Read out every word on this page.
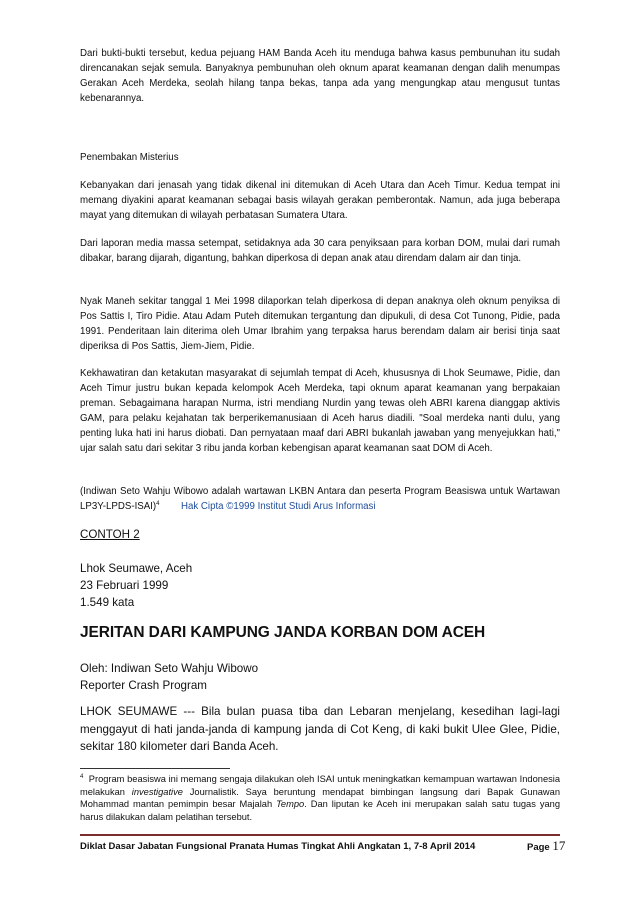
Dari bukti-bukti tersebut, kedua pejuang HAM Banda Aceh itu menduga bahwa kasus pembunuhan itu sudah direncanakan sejak semula. Banyaknya pembunuhan oleh oknum aparat keamanan dengan dalih menumpas Gerakan Aceh Merdeka, seolah hilang tanpa bekas, tanpa ada yang mengungkap atau mengusut tuntas kebenarannya.

Penembakan Misterius

Kebanyakan dari jenasah yang tidak dikenal ini ditemukan di Aceh Utara dan Aceh Timur. Kedua tempat ini memang diyakini aparat keamanan sebagai basis wilayah gerakan pemberontak. Namun, ada juga beberapa mayat yang ditemukan di wilayah perbatasan Sumatera Utara.

Dari laporan media massa setempat, setidaknya ada 30 cara penyiksaan para korban DOM, mulai dari rumah dibakar, barang dijarah, digantung, bahkan diperkosa di depan anak atau direndam dalam air dan tinja.

Nyak Maneh sekitar tanggal 1 Mei 1998 dilaporkan telah diperkosa di depan anaknya oleh oknum penyiksa di Pos Sattis I, Tiro Pidie. Atau Adam Puteh ditemukan tergantung dan dipukuli, di desa Cot Tunong, Pidie, pada 1991. Penderitaan lain diterima oleh Umar Ibrahim yang terpaksa harus berendam dalam air berisi tinja saat diperiksa di Pos Sattis, Jiem-Jiem, Pidie.

Kekhawatiran dan ketakutan masyarakat di sejumlah tempat di Aceh, khususnya di Lhok Seumawe, Pidie, dan Aceh Timur justru bukan kepada kelompok Aceh Merdeka, tapi oknum aparat keamanan yang berpakaian preman. Sebagaimana harapan Nurma, istri mendiang Nurdin yang tewas oleh ABRI karena dianggap aktivis GAM, para pelaku kejahatan tak berperikemanusiaan di Aceh harus diadili. "Soal merdeka nanti dulu, yang penting luka hati ini harus diobati. Dan pernyataan maaf dari ABRI bukanlah jawaban yang menyejukkan hati," ujar salah satu dari sekitar 3 ribu janda korban kebengisan aparat keamanan saat DOM di Aceh.

(Indiwan Seto Wahju Wibowo adalah wartawan LKBN Antara dan peserta Program Beasiswa untuk Wartawan LP3Y-LPDS-ISAI)$^4$ Hak Cipta ©1999 Institut Studi Arus Informasi

CONTOH 2

Lhok Seumawe, Aceh

23 Februari 1999

1.549 kata

JERITAN DARI KAMPUNG JANDA KORBAN DOM ACEH

Oleh: Indiwan Seto Wahju Wibowo

Reporter Crash Program

LHOK SEUMAWE --- Bila bulan puasa tiba dan Lebaran menjelang, kesedihan lagi-lagi menggayut di hati janda-janda di kampung janda di Cot Keng, di kaki bukit Ulee Glee, Pidie, sekitar 180 kilometer dari Banda Aceh.

$^4$ Program beasiswa ini memang sengaja dilakukan oleh ISAI untuk meningkatkan kemampuan wartawan Indonesia melakukan investigative Journalistik. Saya beruntung mendapat bimbingan langsung dari Bapak Gunawan Mohammad mantan pemimpin besar Majalah Tempo. Dan liputan ke Aceh ini merupakan salah satu tugas yang harus dilakukan dalam pelatihan tersebut.

Diklat Dasar Jabatan Fungsional Pranata Humas Tingkat Ahli Angkatan 1, 7-8 April 2014	Page 17
